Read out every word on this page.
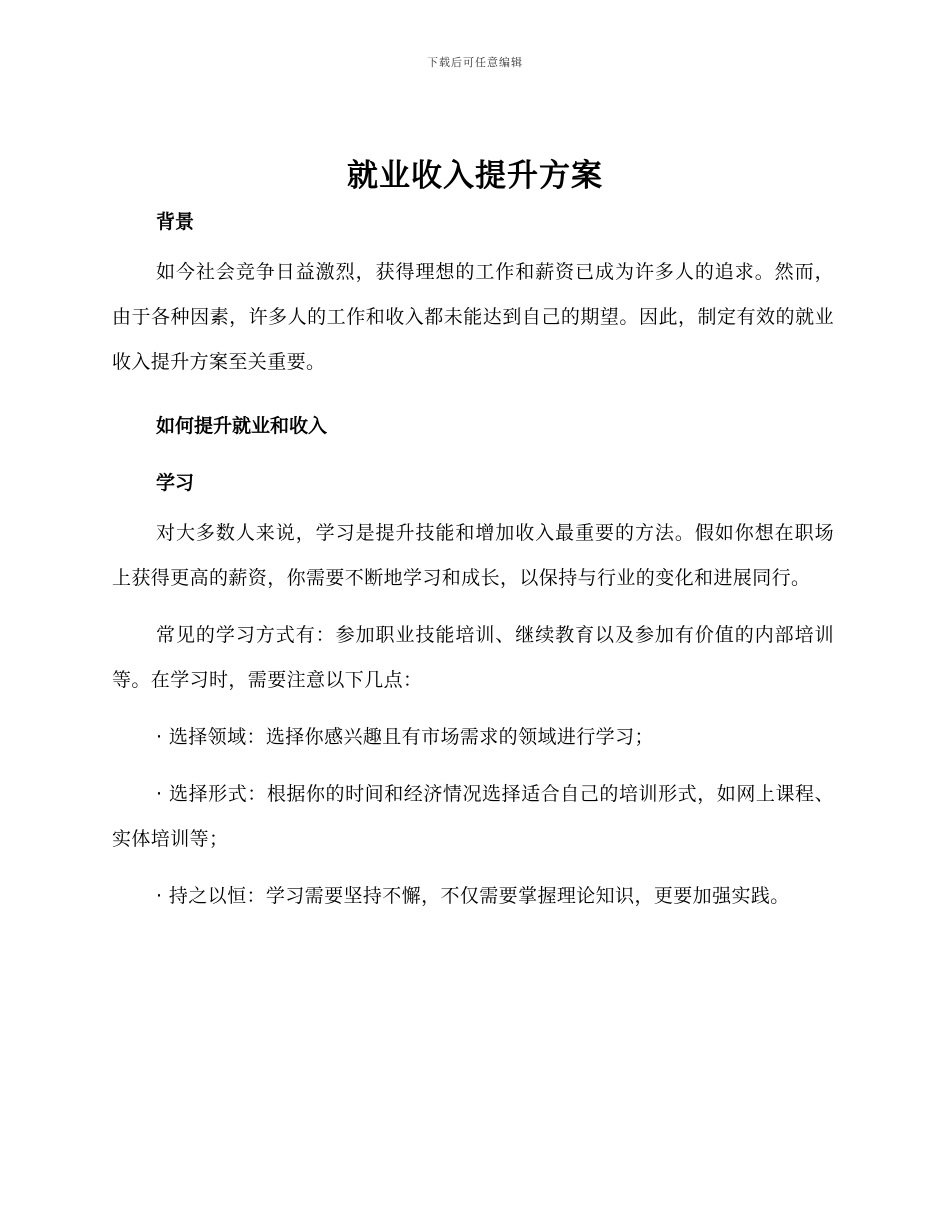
下载后可任意编辑
就业收入提升方案

背景

如今社会竞争日益激烈，获得理想的工作和薪资已成为许多人的追求。然而，由于各种因素，许多人的工作和收入都未能达到自己的期望。因此，制定有效的就业收入提升方案至关重要。

如何提升就业和收入

学习

对大多数人来说，学习是提升技能和增加收入最重要的方法。假如你想在职场上获得更高的薪资，你需要不断地学习和成长，以保持与行业的变化和进展同行。

常见的学习方式有：参加职业技能培训、继续教育以及参加有价值的内部培训等。在学习时，需要注意以下几点：

· 选择领域：选择你感兴趣且有市场需求的领域进行学习；

· 选择形式：根据你的时间和经济情况选择适合自己的培训形式，如网上课程、实体培训等；

· 持之以恒：学习需要坚持不懈，不仅需要掌握理论知识，更要加强实践。
